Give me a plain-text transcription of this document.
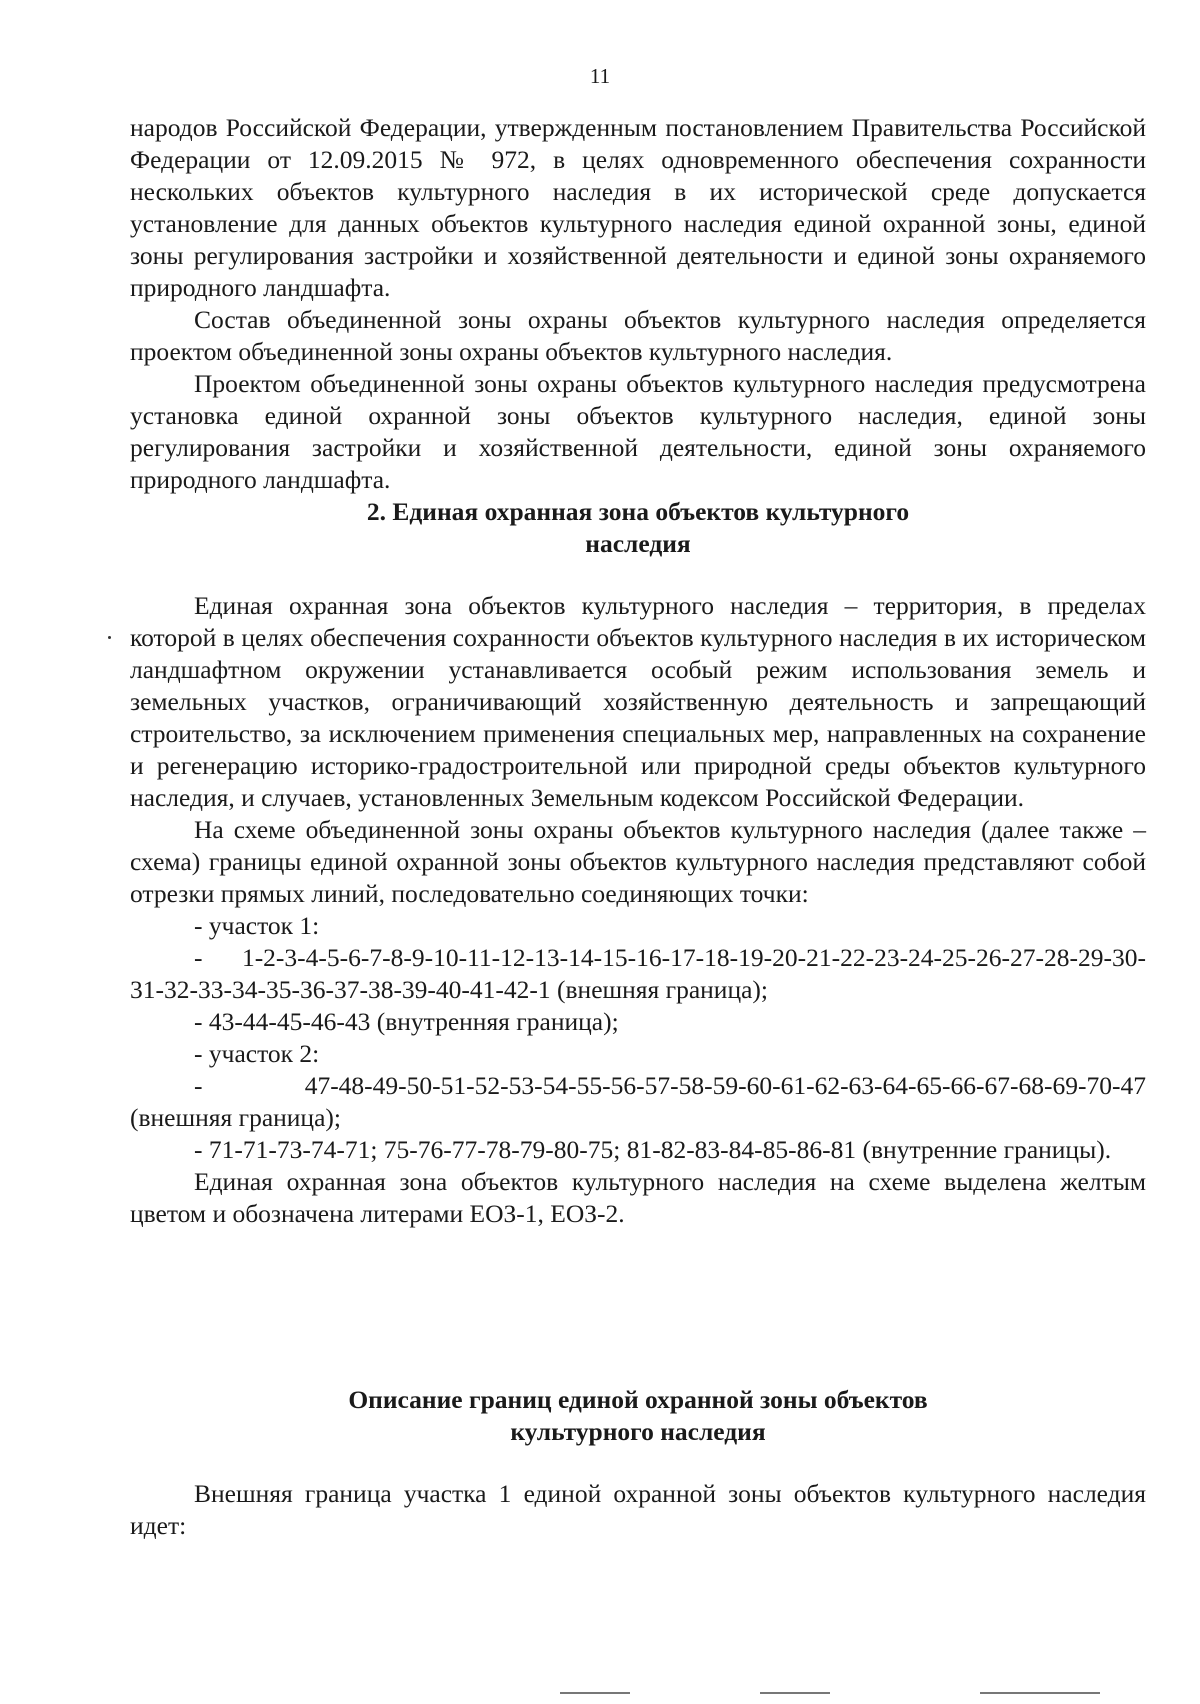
11

народов Российской Федерации, утвержденным постановлением Правительства Российской Федерации от 12.09.2015 № 972, в целях одновременного обеспечения сохранности нескольких объектов культурного наследия в их исторической среде допускается установление для данных объектов культурного наследия единой охранной зоны, единой зоны регулирования застройки и хозяйственной деятельности и единой зоны охраняемого природного ландшафта.

Состав объединенной зоны охраны объектов культурного наследия определяется проектом объединенной зоны охраны объектов культурного наследия.

Проектом объединенной зоны охраны объектов культурного наследия предусмотрена установка единой охранной зоны объектов культурного наследия, единой зоны регулирования застройки и хозяйственной деятельности, единой зоны охраняемого природного ландшафта.

2. Единая охранная зона объектов культурного
наследия

Единая охранная зона объектов культурного наследия – территория, в пределах которой в целях обеспечения сохранности объектов культурного наследия в их историческом ландшафтном окружении устанавливается особый режим использования земель и земельных участков, ограничивающий хозяйственную деятельность и запрещающий строительство, за исключением применения специальных мер, направленных на сохранение и регенерацию историко-градостроительной или природной среды объектов культурного наследия, и случаев, установленных Земельным кодексом Российской Федерации.

На схеме объединенной зоны охраны объектов культурного наследия (далее также – схема) границы единой охранной зоны объектов культурного наследия представляют собой отрезки прямых линий, последовательно соединяющих точки:

- участок 1:

- 1-2-3-4-5-6-7-8-9-10-11-12-13-14-15-16-17-18-19-20-21-22-23-24-25-26-27-28-29-30-31-32-33-34-35-36-37-38-39-40-41-42-1 (внешняя граница);

- 43-44-45-46-43 (внутренняя граница);

- участок 2:

- 47-48-49-50-51-52-53-54-55-56-57-58-59-60-61-62-63-64-65-66-67-68-69-70-47 (внешняя граница);

- 71-71-73-74-71; 75-76-77-78-79-80-75; 81-82-83-84-85-86-81 (внутренние границы).

Единая охранная зона объектов культурного наследия на схеме выделена желтым цветом и обозначена литерами ЕОЗ-1, ЕОЗ-2.

Описание границ единой охранной зоны объектов
культурного наследия

Внешняя граница участка 1 единой охранной зоны объектов культурного наследия идет:
